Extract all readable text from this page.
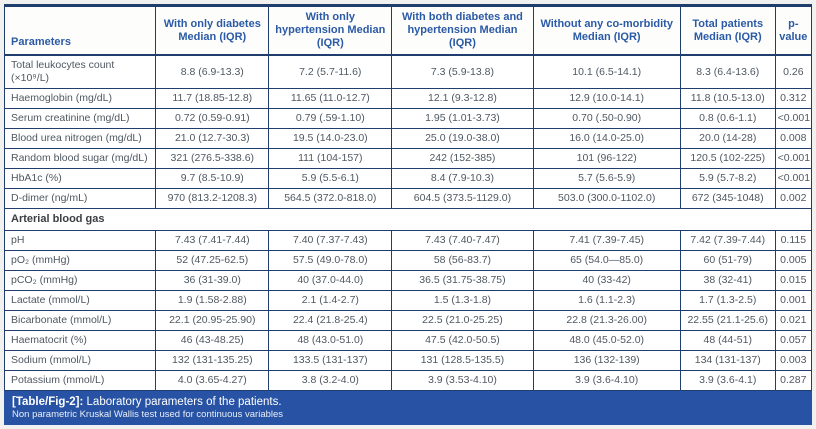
Parameters	With only diabetes Median (IQR)	With only hypertension Median (IQR)	With both diabetes and hypertension Median (IQR)	Without any co-morbidity Median (IQR)	Total patients Median (IQR)	p-value
Total leukocytes count (×10⁹/L)	8.8 (6.9-13.3)	7.2 (5.7-11.6)	7.3 (5.9-13.8)	10.1 (6.5-14.1)	8.3 (6.4-13.6)	0.26
Haemoglobin (mg/dL)	11.7 (18.85-12.8)	11.65 (11.0-12.7)	12.1 (9.3-12.8)	12.9 (10.0-14.1)	11.8 (10.5-13.0)	0.312
Serum creatinine (mg/dL)	0.72 (0.59-0.91)	0.79 (.59-1.10)	1.95 (1.01-3.73)	0.70 (.50-0.90)	0.8 (0.6-1.1)	<0.001
Blood urea nitrogen (mg/dL)	21.0 (12.7-30.3)	19.5 (14.0-23.0)	25.0 (19.0-38.0)	16.0 (14.0-25.0)	20.0 (14-28)	0.008
Random blood sugar (mg/dL)	321 (276.5-338.6)	111 (104-157)	242 (152-385)	101 (96-122)	120.5 (102-225)	<0.001
HbA1c (%)	9.7 (8.5-10.9)	5.9 (5.5-6.1)	8.4 (7.9-10.3)	5.7 (5.6-5.9)	5.9 (5.7-8.2)	<0.001
D-dimer (ng/mL)	970 (813.2-1208.3)	564.5 (372.0-818.0)	604.5 (373.5-1129.0)	503.0 (300.0-1102.0)	672 (345-1048)	0.002
Arterial blood gas						
pH	7.43 (7.41-7.44)	7.40 (7.37-7.43)	7.43 (7.40-7.47)	7.41 (7.39-7.45)	7.42 (7.39-7.44)	0.115
pO₂ (mmHg)	52 (47.25-62.5)	57.5 (49.0-78.0)	58 (56-83.7)	65 (54.0—85.0)	60 (51-79)	0.005
pCO₂ (mmHg)	36 (31-39.0)	40 (37.0-44.0)	36.5 (31.75-38.75)	40 (33-42)	38 (32-41)	0.015
Lactate (mmol/L)	1.9 (1.58-2.88)	2.1 (1.4-2.7)	1.5 (1.3-1.8)	1.6 (1.1-2.3)	1.7 (1.3-2.5)	0.001
Bicarbonate (mmol/L)	22.1 (20.95-25.90)	22.4 (21.8-25.4)	22.5 (21.0-25.25)	22.8 (21.3-26.00)	22.55 (21.1-25.6)	0.021
Haematocrit (%)	46 (43-48.25)	48 (43.0-51.0)	47.5 (42.0-50.5)	48.0 (45.0-52.0)	48 (44-51)	0.057
Sodium (mmol/L)	132 (131-135.25)	133.5 (131-137)	131 (128.5-135.5)	136 (132-139)	134 (131-137)	0.003
Potassium (mmol/L)	4.0 (3.65-4.27)	3.8 (3.2-4.0)	3.9 (3.53-4.10)	3.9 (3.6-4.10)	3.9 (3.6-4.1)	0.287
[Table/Fig-2]: Laboratory parameters of the patients.
Non parametric Kruskal Wallis test used for continuous variables
